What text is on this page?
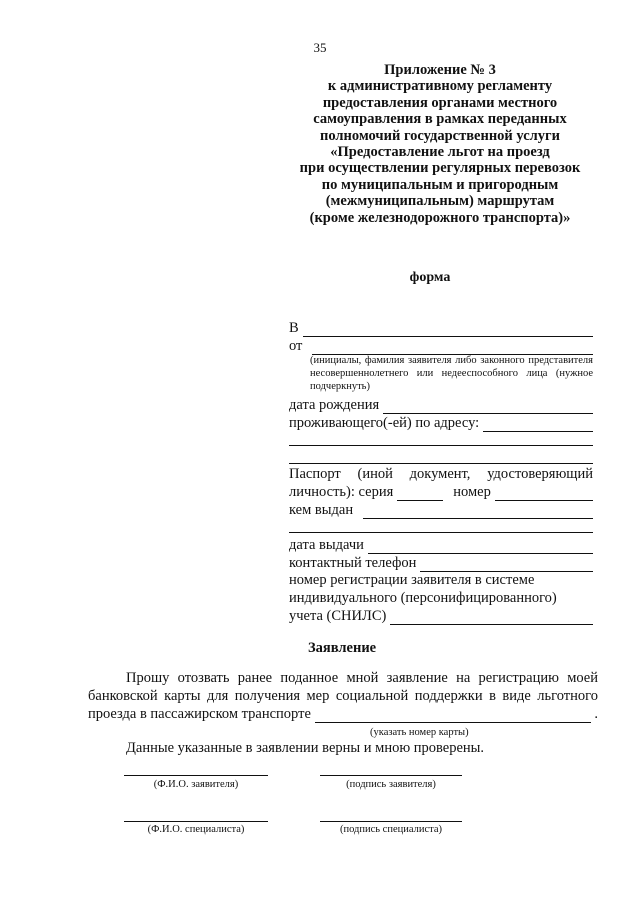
35
Приложение № 3
к административному регламенту
предоставления органами местного
самоуправления в рамках переданных
полномочий государственной услуги
«Предоставление льгот на проезд
при осуществлении регулярных перевозок
по муниципальным и пригородным
(межмуниципальным) маршрутам
(кроме железнодорожного транспорта)»
форма
В
от
(инициалы, фамилия заявителя либо законного представителя несовершеннолетнего или недееспособного лица (нужное подчеркнуть)
дата рождения
проживающего(-ей) по адресу:
Паспорт (иной документ, удостоверяющий
личность): серия	номер
кем выдан
дата выдачи
контактный телефон
номер регистрации заявителя в системе
индивидуального (персонифицированного)
учета (СНИЛС)
Заявление
Прошу отозвать ранее поданное мной заявление на регистрацию моей
банковской карты для получения мер социальной поддержки в виде льготного
проезда в пассажирском транспорте	.
(указать номер карты)
Данные указанные в заявлении верны и мною проверены.
(Ф.И.О. заявителя)	(подпись заявителя)
(Ф.И.О. специалиста)	(подпись специалиста)
